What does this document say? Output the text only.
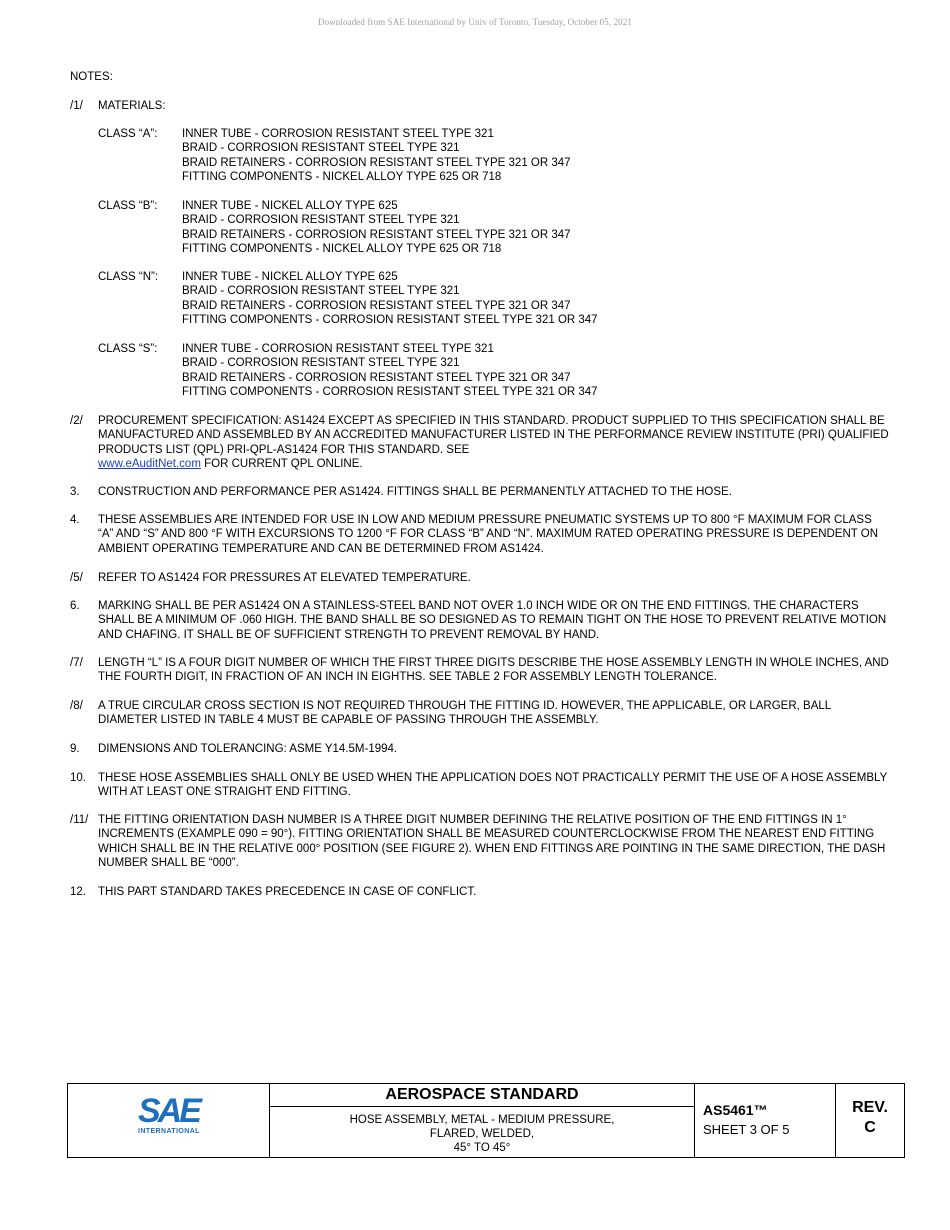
Downloaded from SAE International by Univ of Toronto, Tuesday, October 05, 2021
NOTES:
/1/ MATERIALS:
CLASS “A”: INNER TUBE - CORROSION RESISTANT STEEL TYPE 321
BRAID - CORROSION RESISTANT STEEL TYPE 321
BRAID RETAINERS - CORROSION RESISTANT STEEL TYPE 321 OR 347
FITTING COMPONENTS - NICKEL ALLOY TYPE 625 OR 718
CLASS “B”: INNER TUBE - NICKEL ALLOY TYPE 625
BRAID - CORROSION RESISTANT STEEL TYPE 321
BRAID RETAINERS - CORROSION RESISTANT STEEL TYPE 321 OR 347
FITTING COMPONENTS - NICKEL ALLOY TYPE 625 OR 718
CLASS “N”: INNER TUBE - NICKEL ALLOY TYPE 625
BRAID - CORROSION RESISTANT STEEL TYPE 321
BRAID RETAINERS - CORROSION RESISTANT STEEL TYPE 321 OR 347
FITTING COMPONENTS - CORROSION RESISTANT STEEL TYPE 321 OR 347
CLASS “S”: INNER TUBE - CORROSION RESISTANT STEEL TYPE 321
BRAID - CORROSION RESISTANT STEEL TYPE 321
BRAID RETAINERS - CORROSION RESISTANT STEEL TYPE 321 OR 347
FITTING COMPONENTS - CORROSION RESISTANT STEEL TYPE 321 OR 347
/2/ PROCUREMENT SPECIFICATION: AS1424 EXCEPT AS SPECIFIED IN THIS STANDARD. PRODUCT SUPPLIED TO THIS SPECIFICATION SHALL BE MANUFACTURED AND ASSEMBLED BY AN ACCREDITED MANUFACTURER LISTED IN THE PERFORMANCE REVIEW INSTITUTE (PRI) QUALIFIED PRODUCTS LIST (QPL) PRI-QPL-AS1424 FOR THIS STANDARD. SEE
www.eAuditNet.com FOR CURRENT QPL ONLINE.
3. CONSTRUCTION AND PERFORMANCE PER AS1424. FITTINGS SHALL BE PERMANENTLY ATTACHED TO THE HOSE.
4. THESE ASSEMBLIES ARE INTENDED FOR USE IN LOW AND MEDIUM PRESSURE PNEUMATIC SYSTEMS UP TO 800 °F MAXIMUM FOR CLASS “A” AND “S” AND 800 °F WITH EXCURSIONS TO 1200 °F FOR CLASS “B” AND “N”. MAXIMUM RATED OPERATING PRESSURE IS DEPENDENT ON AMBIENT OPERATING TEMPERATURE AND CAN BE DETERMINED FROM AS1424.
/5/ REFER TO AS1424 FOR PRESSURES AT ELEVATED TEMPERATURE.
6. MARKING SHALL BE PER AS1424 ON A STAINLESS-STEEL BAND NOT OVER 1.0 INCH WIDE OR ON THE END FITTINGS. THE CHARACTERS SHALL BE A MINIMUM OF .060 HIGH. THE BAND SHALL BE SO DESIGNED AS TO REMAIN TIGHT ON THE HOSE TO PREVENT RELATIVE MOTION AND CHAFING. IT SHALL BE OF SUFFICIENT STRENGTH TO PREVENT REMOVAL BY HAND.
/7/ LENGTH “L” IS A FOUR DIGIT NUMBER OF WHICH THE FIRST THREE DIGITS DESCRIBE THE HOSE ASSEMBLY LENGTH IN WHOLE INCHES, AND THE FOURTH DIGIT, IN FRACTION OF AN INCH IN EIGHTHS. SEE TABLE 2 FOR ASSEMBLY LENGTH TOLERANCE.
/8/ A TRUE CIRCULAR CROSS SECTION IS NOT REQUIRED THROUGH THE FITTING ID. HOWEVER, THE APPLICABLE, OR LARGER, BALL DIAMETER LISTED IN TABLE 4 MUST BE CAPABLE OF PASSING THROUGH THE ASSEMBLY.
9. DIMENSIONS AND TOLERANCING: ASME Y14.5M-1994.
10. THESE HOSE ASSEMBLIES SHALL ONLY BE USED WHEN THE APPLICATION DOES NOT PRACTICALLY PERMIT THE USE OF A HOSE ASSEMBLY WITH AT LEAST ONE STRAIGHT END FITTING.
/11/ THE FITTING ORIENTATION DASH NUMBER IS A THREE DIGIT NUMBER DEFINING THE RELATIVE POSITION OF THE END FITTINGS IN 1° INCREMENTS (EXAMPLE 090 = 90°). FITTING ORIENTATION SHALL BE MEASURED COUNTERCLOCKWISE FROM THE NEAREST END FITTING WHICH SHALL BE IN THE RELATIVE 000° POSITION (SEE FIGURE 2). WHEN END FITTINGS ARE POINTING IN THE SAME DIRECTION, THE DASH NUMBER SHALL BE “000”.
12. THIS PART STANDARD TAKES PRECEDENCE IN CASE OF CONFLICT.
SAE
INTERNATIONAL
AEROSPACE STANDARD
HOSE ASSEMBLY, METAL - MEDIUM PRESSURE,
FLARED, WELDED,
45° TO 45°
AS5461™
SHEET 3 OF 5
REV.
C
